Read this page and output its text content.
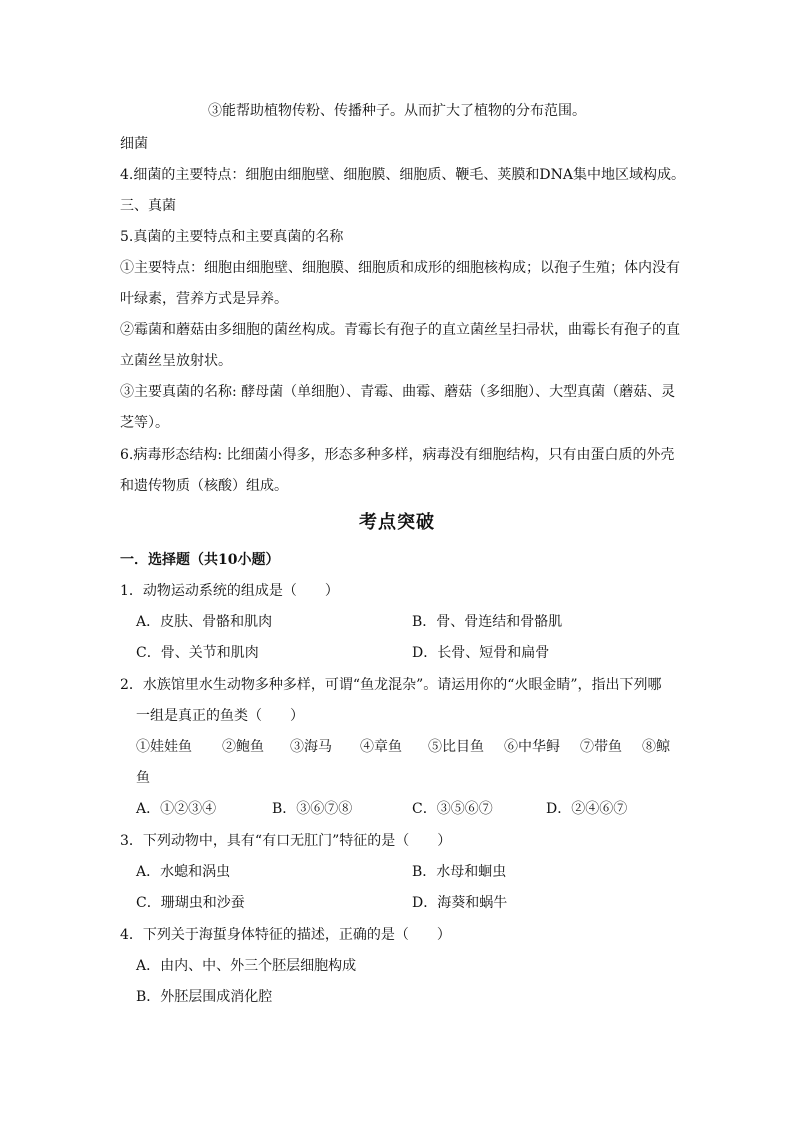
③能帮助植物传粉、传播种子。从而扩大了植物的分布范围。
细菌
4.细菌的主要特点：细胞由细胞壁、细胞膜、细胞质、鞭毛、荚膜和DNA集中地区域构成。
三、真菌
5.真菌的主要特点和主要真菌的名称
①主要特点：细胞由细胞壁、细胞膜、细胞质和成形的细胞核构成；以孢子生殖；体内没有
叶绿素，营养方式是异养。
②霉菌和蘑菇由多细胞的菌丝构成。青霉长有孢子的直立菌丝呈扫帚状，曲霉长有孢子的直
立菌丝呈放射状。
③主要真菌的名称: 酵母菌（单细胞）、青霉、曲霉、蘑菇（多细胞）、大型真菌（蘑菇、灵
芝等）。
6.病毒形态结构: 比细菌小得多，形态多种多样，病毒没有细胞结构，只有由蛋白质的外壳
和遗传物质（核酸）组成。
考点突破
一．选择题（共10小题）
1．动物运动系统的组成是（　　）
A．皮肤、骨骼和肌肉	B．骨、骨连结和骨骼肌
C．骨、关节和肌肉	D．长骨、短骨和扁骨
2．水族馆里水生动物多种多样，可谓“鱼龙混杂”。请运用你的“火眼金睛”，指出下列哪
一组是真正的鱼类（　　）
①娃娃鱼 ②鲍鱼 ③海马 ④章鱼 ⑤比目鱼 ⑥中华鲟 ⑦带鱼 ⑧鲸
鱼
A．①②③④	B．③⑥⑦⑧	C．③⑤⑥⑦	D．②④⑥⑦
3．下列动物中，具有“有口无肛门”特征的是（　　）
A．水螅和涡虫	B．水母和蛔虫
C．珊瑚虫和沙蚕	D．海葵和蜗牛
4．下列关于海蜇身体特征的描述，正确的是（　　）
A．由内、中、外三个胚层细胞构成
B．外胚层围成消化腔
